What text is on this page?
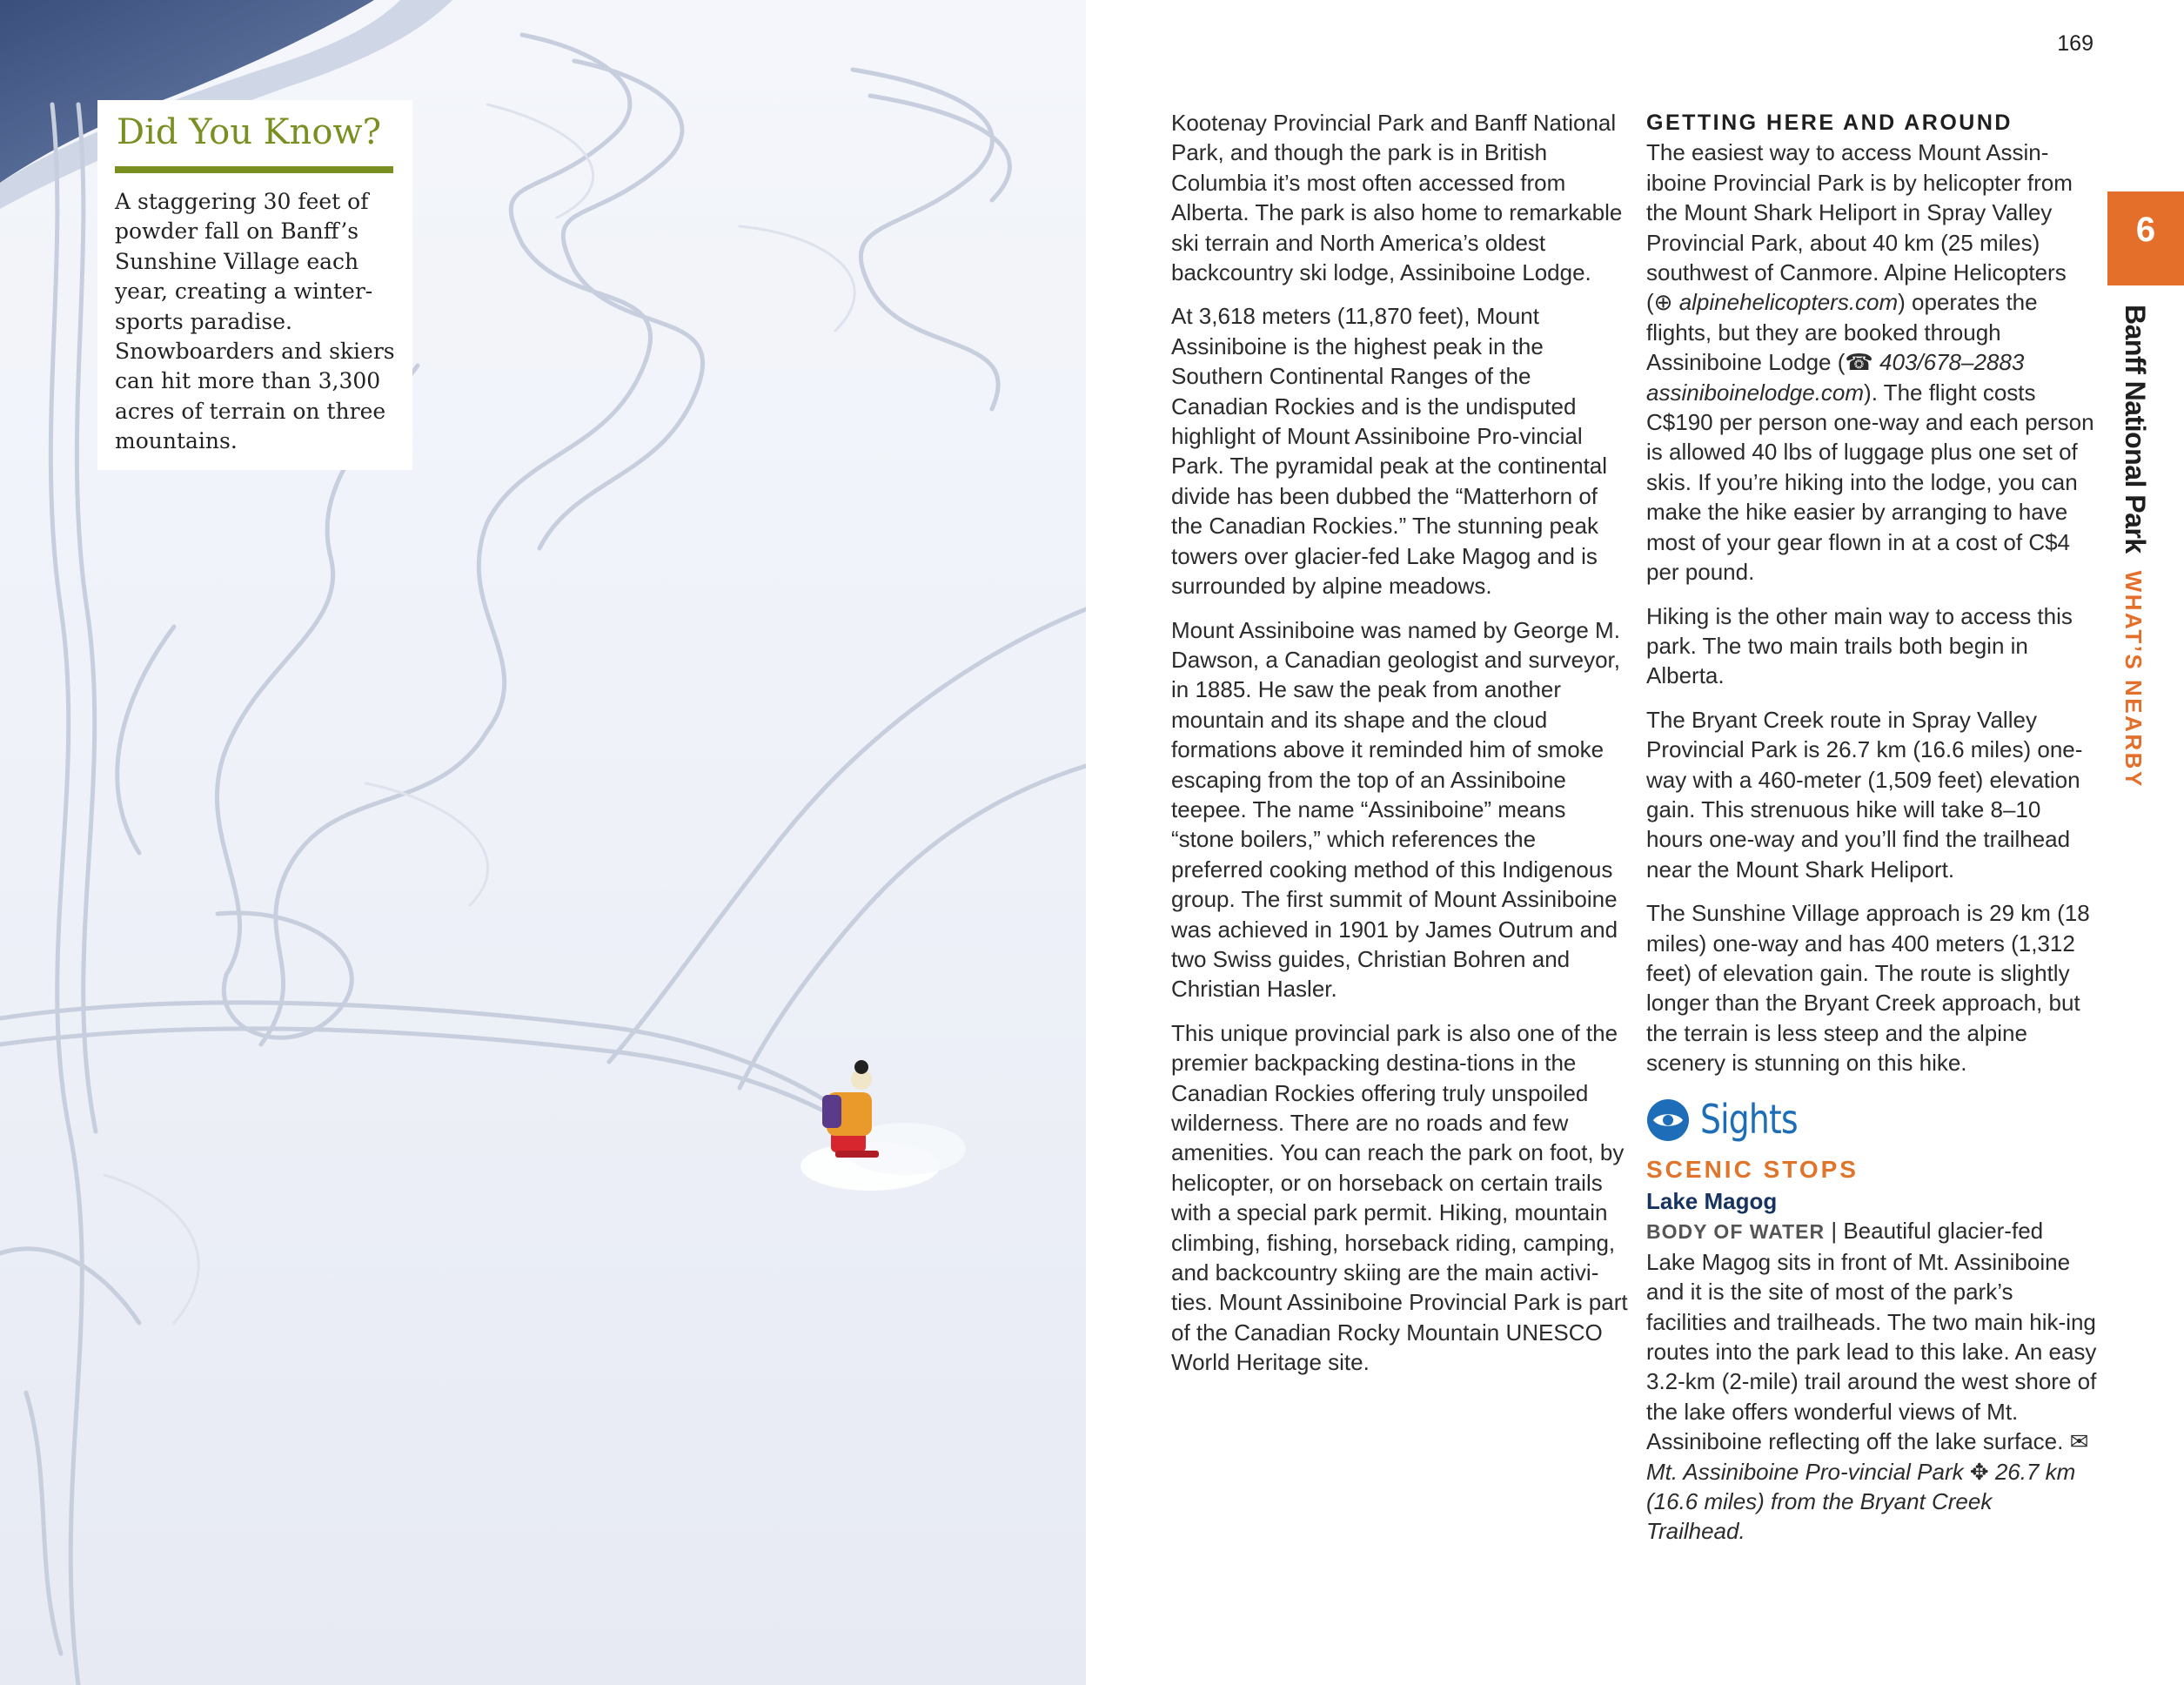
Did You Know?
A staggering 30 feet of powder fall on Banff’s Sunshine Village each year, creating a winter-sports paradise. Snowboarders and skiers can hit more than 3,300 acres of terrain on three mountains.
169

Kootenay Provincial Park and Banff National Park, and though the park is in British Columbia it’s most often accessed from Alberta. The park is also home to remarkable ski terrain and North America’s oldest backcountry ski lodge, Assiniboine Lodge.

At 3,618 meters (11,870 feet), Mount Assiniboine is the highest peak in the Southern Continental Ranges of the Canadian Rockies and is the undisputed highlight of Mount Assiniboine Pro-vincial Park. The pyramidal peak at the continental divide has been dubbed the “Matterhorn of the Canadian Rockies.” The stunning peak towers over glacier-fed Lake Magog and is surrounded by alpine meadows.

Mount Assiniboine was named by George M. Dawson, a Canadian geologist and surveyor, in 1885. He saw the peak from another mountain and its shape and the cloud formations above it reminded him of smoke escaping from the top of an Assiniboine teepee. The name “Assiniboine” means “stone boilers,” which references the preferred cooking method of this Indigenous group. The first summit of Mount Assiniboine was achieved in 1901 by James Outrum and two Swiss guides, Christian Bohren and Christian Hasler.

This unique provincial park is also one of the premier backpacking destina-tions in the Canadian Rockies offering truly unspoiled wilderness. There are no roads and few amenities. You can reach the park on foot, by helicopter, or on horseback on certain trails with a special park permit. Hiking, mountain climbing, fishing, horseback riding, camping, and backcountry skiing are the main activi-ties. Mount Assiniboine Provincial Park is part of the Canadian Rocky Mountain UNESCO World Heritage site.

GETTING HERE AND AROUND

The easiest way to access Mount Assin-iboine Provincial Park is by helicopter from the Mount Shark Heliport in Spray Valley Provincial Park, about 40 km (25 miles) southwest of Canmore. Alpine Helicopters (⊕ alpinehelicopters.com) operates the flights, but they are booked through Assiniboine Lodge (☎ 403/678–2883 assiniboinelodge.com). The flight costs C$190 per person one-way and each person is allowed 40 lbs of luggage plus one set of skis. If you’re hiking into the lodge, you can make the hike easier by arranging to have most of your gear flown in at a cost of C$4 per pound.

Hiking is the other main way to access this park. The two main trails both begin in Alberta.

The Bryant Creek route in Spray Valley Provincial Park is 26.7 km (16.6 miles) one-way with a 460-meter (1,509 feet) elevation gain. This strenuous hike will take 8–10 hours one-way and you’ll find the trailhead near the Mount Shark Heliport.

The Sunshine Village approach is 29 km (18 miles) one-way and has 400 meters (1,312 feet) of elevation gain. The route is slightly longer than the Bryant Creek approach, but the terrain is less steep and the alpine scenery is stunning on this hike.

Sights
SCENIC STOPS
Lake Magog

BODY OF WATER | Beautiful glacier-fed Lake Magog sits in front of Mt. Assiniboine and it is the site of most of the park’s facilities and trailheads. The two main hik-ing routes into the park lead to this lake. An easy 3.2-km (2-mile) trail around the west shore of the lake offers wonderful views of Mt. Assiniboine reflecting off the lake surface. ✉ Mt. Assiniboine Pro-vincial Park ✥ 26.7 km (16.6 miles) from the Bryant Creek Trailhead.

6
Banff National ParkWHAT’S NEARBY
